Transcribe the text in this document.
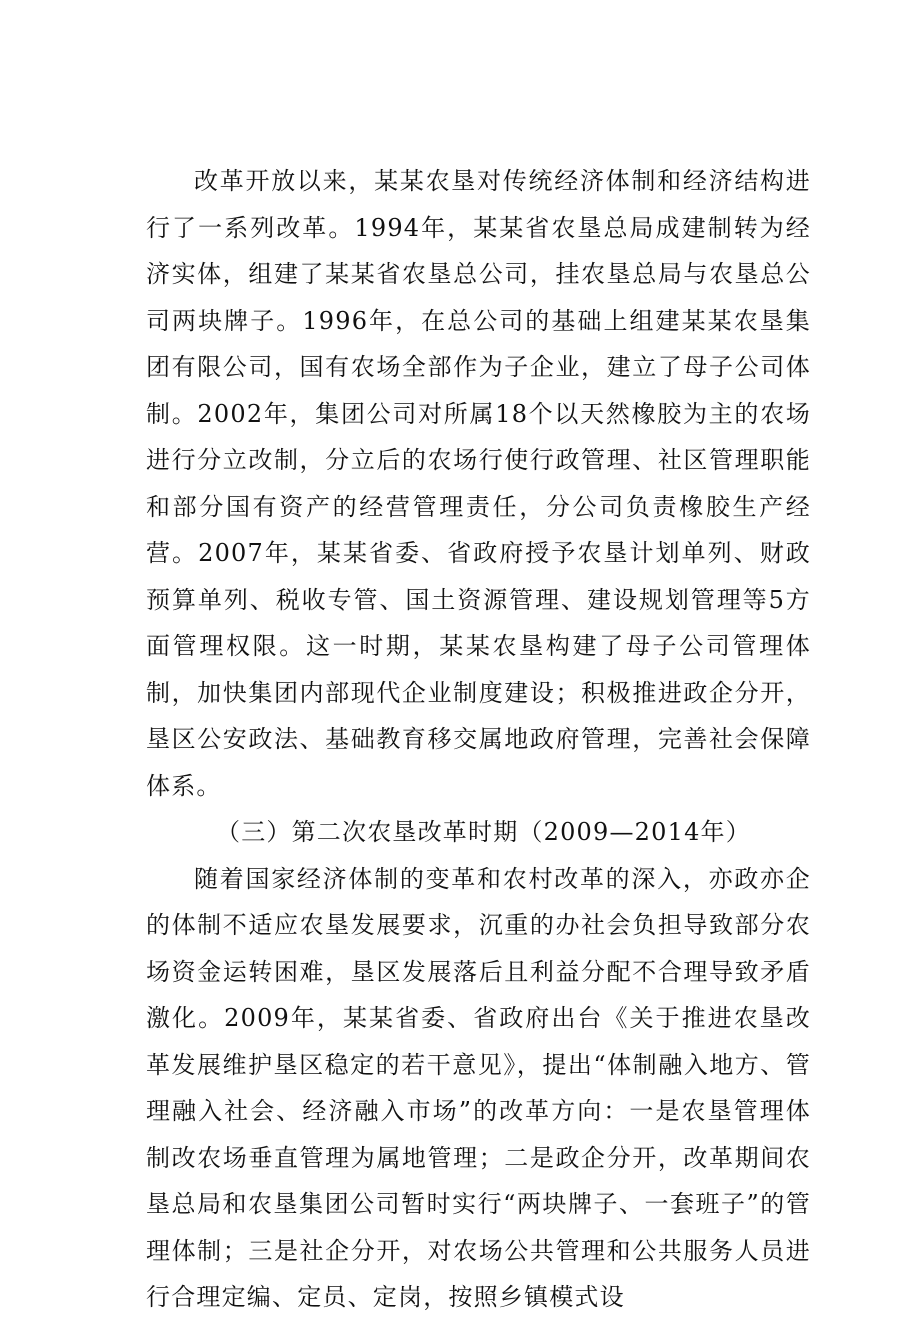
改革开放以来，某某农垦对传统经济体制和经济结构进行了一系列改革。1994年，某某省农垦总局成建制转为经济实体，组建了某某省农垦总公司，挂农垦总局与农垦总公司两块牌子。1996年，在总公司的基础上组建某某农垦集团有限公司，国有农场全部作为子企业，建立了母子公司体制。2002年，集团公司对所属18个以天然橡胶为主的农场进行分立改制，分立后的农场行使行政管理、社区管理职能和部分国有资产的经营管理责任，分公司负责橡胶生产经营。2007年，某某省委、省政府授予农垦计划单列、财政预算单列、税收专管、国土资源管理、建设规划管理等5方面管理权限。这一时期，某某农垦构建了母子公司管理体制，加快集团内部现代企业制度建设；积极推进政企分开，垦区公安政法、基础教育移交属地政府管理，完善社会保障体系。

（三）第二次农垦改革时期（2009—2014年）

随着国家经济体制的变革和农村改革的深入，亦政亦企的体制不适应农垦发展要求，沉重的办社会负担导致部分农场资金运转困难，垦区发展落后且利益分配不合理导致矛盾激化。2009年，某某省委、省政府出台《关于推进农垦改革发展维护垦区稳定的若干意见》，提出“体制融入地方、管理融入社会、经济融入市场”的改革方向：一是农垦管理体制改农场垂直管理为属地管理；二是政企分开，改革期间农垦总局和农垦集团公司暂时实行“两块牌子、一套班子”的管理体制；三是社企分开，对农场公共管理和公共服务人员进行合理定编、定员、定岗，按照乡镇模式设
